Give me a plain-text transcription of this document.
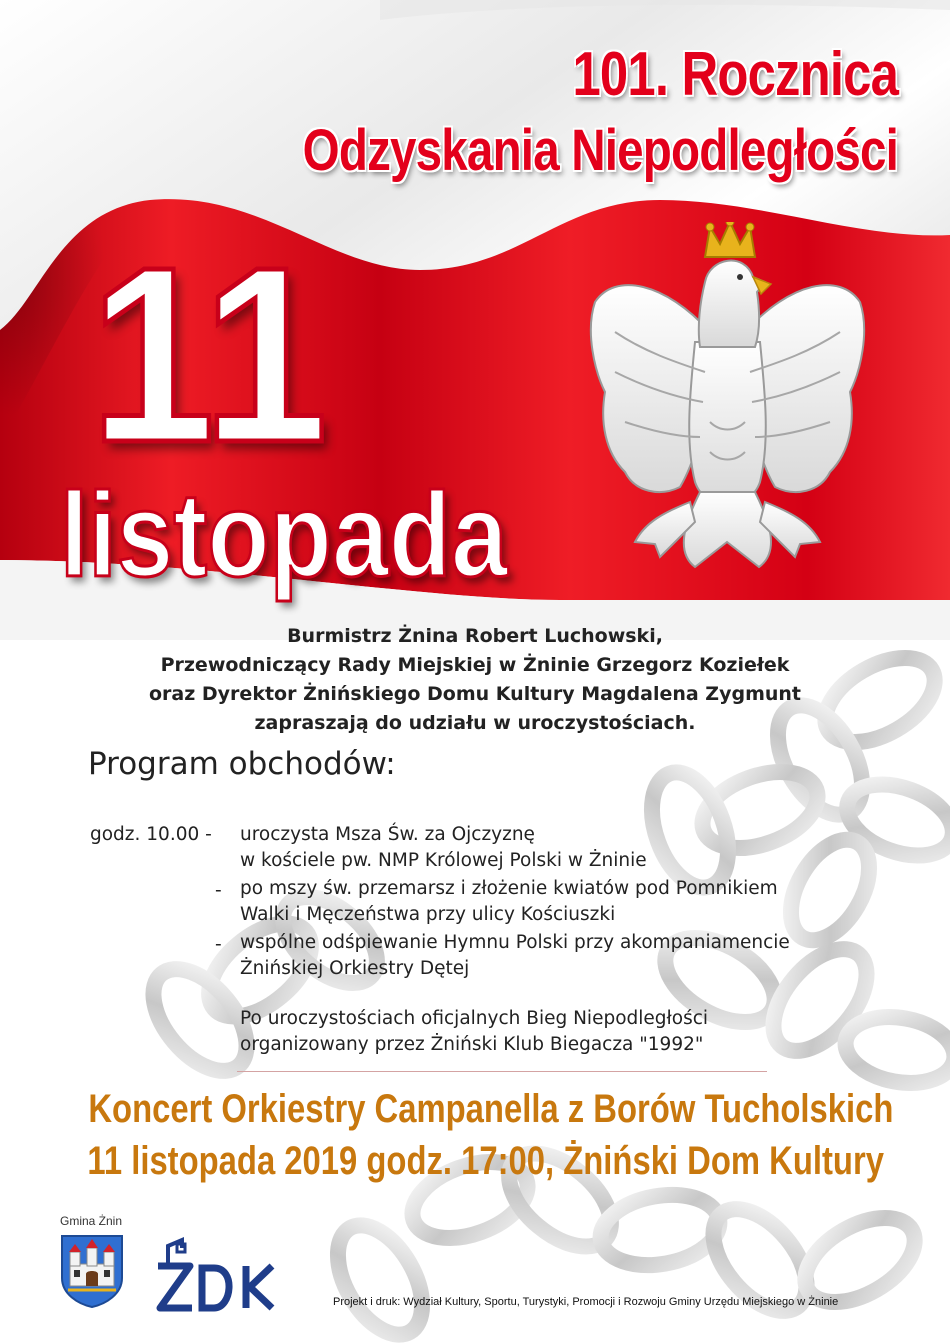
101. Rocznica
Odzyskania Niepodległości
11
listopada
Burmistrz Żnina Robert Luchowski,
Przewodniczący Rady Miejskiej w Żninie Grzegorz Koziełek
oraz Dyrektor Żnińskiego Domu Kultury Magdalena Zygmunt
zapraszają do udziału w uroczystościach.
Program obchodów:
godz. 10.00 - uroczysta Msza Św. za Ojczyznę
w kościele pw. NMP Królowej Polski w Żninie
- po mszy św. przemarsz i złożenie kwiatów pod Pomnikiem
Walki i Męczeństwa przy ulicy Kościuszki
- wspólne odśpiewanie Hymnu Polski przy akompaniamencie
Żnińskiej Orkiestry Dętej
Po uroczystościach oficjalnych Bieg Niepodległości
organizowany przez Żniński Klub Biegacza "1992"
Koncert Orkiestry Campanella z Borów Tucholskich
11 listopada 2019 godz. 17:00, Żniński Dom Kultury
Gmina Żnin
Projekt i druk: Wydział Kultury, Sportu, Turystyki, Promocji i Rozwoju Gminy Urzędu Miejskiego w Żninie
